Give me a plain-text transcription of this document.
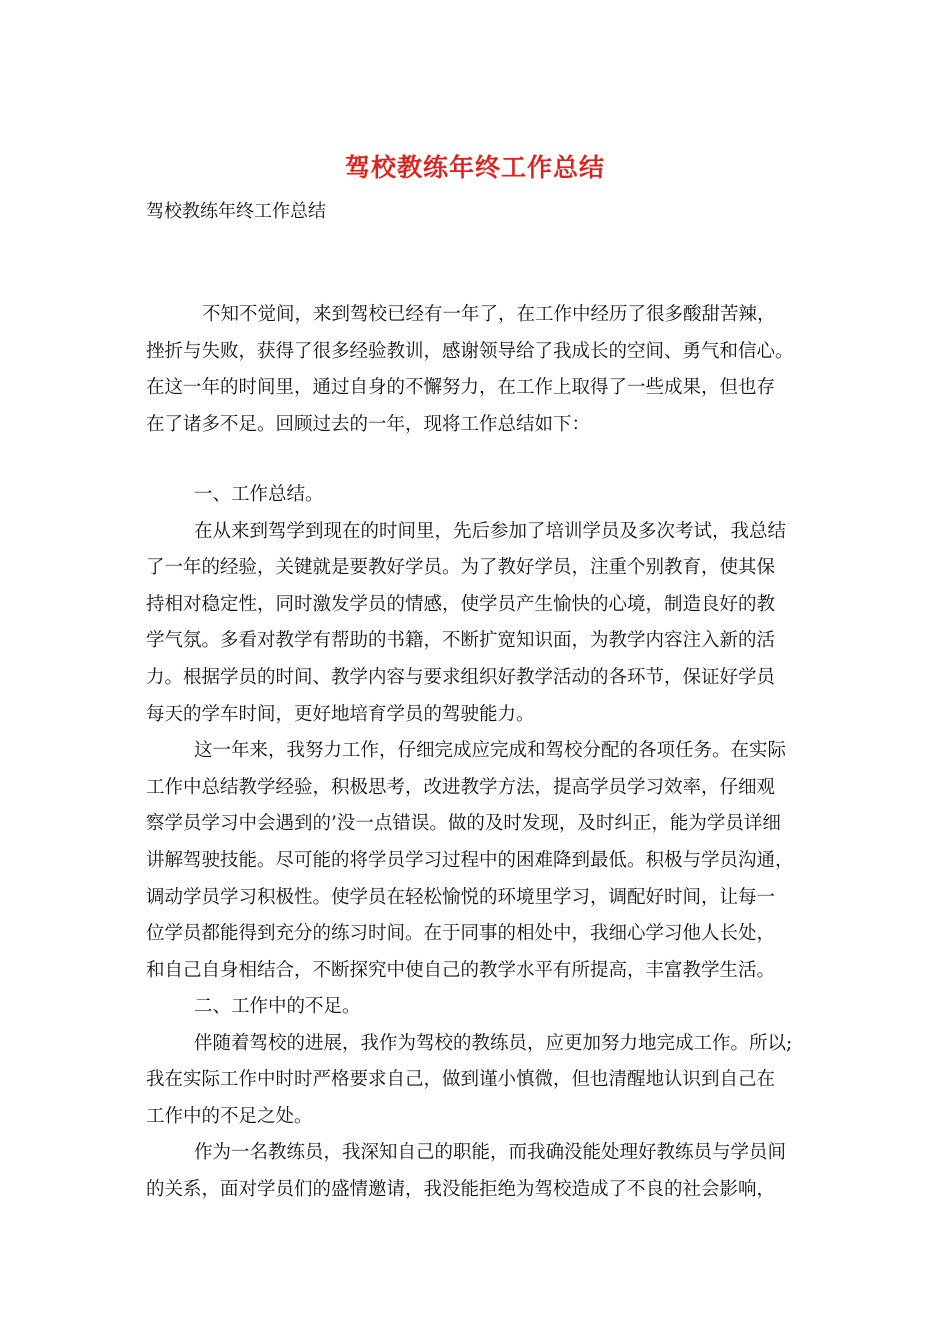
驾校教练年终工作总结
驾校教练年终工作总结
不知不觉间，来到驾校已经有一年了，在工作中经历了很多酸甜苦辣，
挫折与失败，获得了很多经验教训，感谢领导给了我成长的空间、勇气和信心。
在这一年的时间里，通过自身的不懈努力，在工作上取得了一些成果，但也存
在了诸多不足。回顾过去的一年，现将工作总结如下：
一、工作总结。
在从来到驾学到现在的时间里，先后参加了培训学员及多次考试，我总结
了一年的经验，关键就是要教好学员。为了教好学员，注重个别教育，使其保
持相对稳定性，同时激发学员的情感，使学员产生愉快的心境，制造良好的教
学气氛。多看对教学有帮助的书籍，不断扩宽知识面，为教学内容注入新的活
力。根据学员的时间、教学内容与要求组织好教学活动的各环节，保证好学员
每天的学车时间，更好地培育学员的驾驶能力。
这一年来，我努力工作，仔细完成应完成和驾校分配的各项任务。在实际
工作中总结教学经验，积极思考，改进教学方法，提高学员学习效率，仔细观
察学员学习中会遇到的’没一点错误。做的及时发现，及时纠正，能为学员详细
讲解驾驶技能。尽可能的将学员学习过程中的困难降到最低。积极与学员沟通，
调动学员学习积极性。使学员在轻松愉悦的环境里学习，调配好时间，让每一
位学员都能得到充分的练习时间。在于同事的相处中，我细心学习他人长处，
和自己自身相结合，不断探究中使自己的教学水平有所提高，丰富教学生活。
二、工作中的不足。
伴随着驾校的进展，我作为驾校的教练员，应更加努力地完成工作。所以;
我在实际工作中时时严格要求自己，做到谨小慎微，但也清醒地认识到自己在
工作中的不足之处。
作为一名教练员，我深知自己的职能，而我确没能处理好教练员与学员间
的关系，面对学员们的盛情邀请，我没能拒绝为驾校造成了不良的社会影响，
